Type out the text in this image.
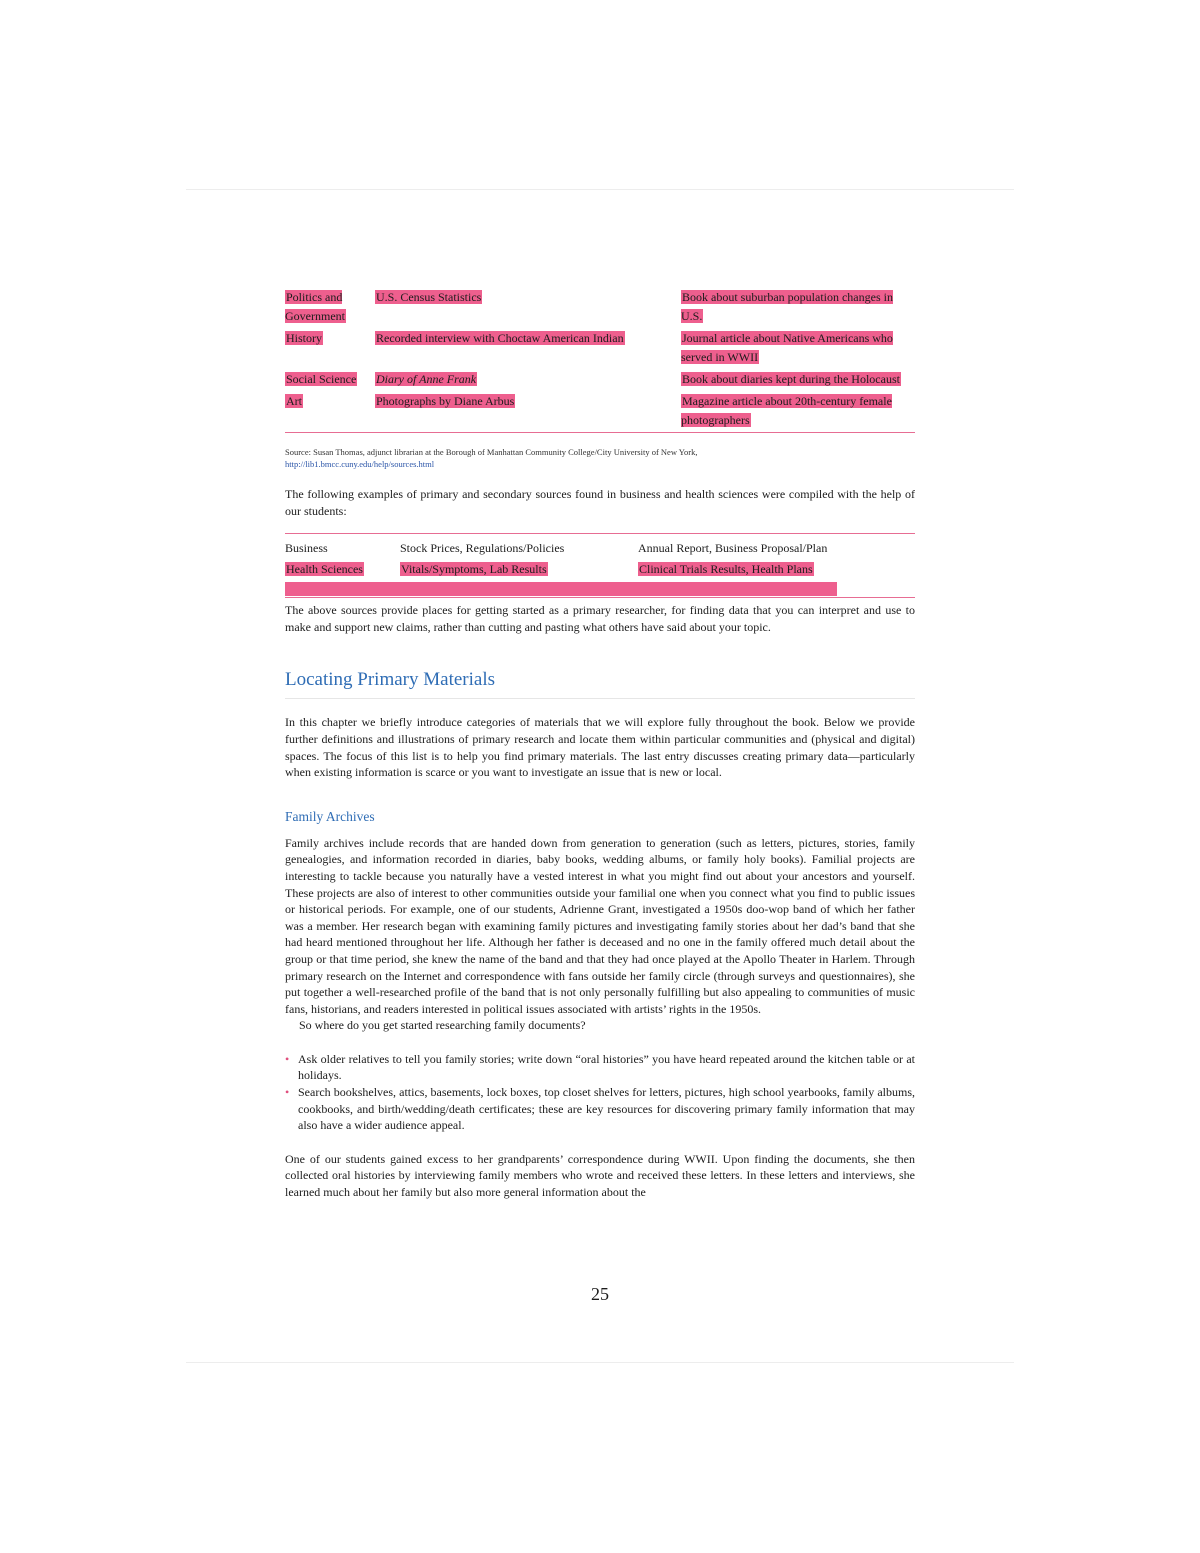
Politics and Government	U.S. Census Statistics	Book about suburban population changes in U.S.
History	Recorded interview with Choctaw American Indian	Journal article about Native Americans who served in WWII
Social Science	Diary of Anne Frank	Book about diaries kept during the Holocaust
Art	Photographs by Diane Arbus	Magazine article about 20th-century female photographers
Source: Susan Thomas, adjunct librarian at the Borough of Manhattan Community College/City University of New York,
http://lib1.bmcc.cuny.edu/help/sources.html

The following examples of primary and secondary sources found in business and health sciences were compiled with the help of our students:

Business	Stock Prices, Regulations/Policies	Annual Report, Business Proposal/Plan
Health Sciences	Vitals/Symptoms, Lab Results	Clinical Trials Results, Health Plans

The above sources provide places for getting started as a primary researcher, for finding data that you can interpret and use to make and support new claims, rather than cutting and pasting what others have said about your topic.

Locating Primary Materials

In this chapter we briefly introduce categories of materials that we will explore fully throughout the book. Below we provide further definitions and illustrations of primary research and locate them within particular communities and (physical and digital) spaces. The focus of this list is to help you find primary materials. The last entry discusses creating primary data—particularly when existing information is scarce or you want to investigate an issue that is new or local.

Family Archives

Family archives include records that are handed down from generation to generation (such as letters, pictures, stories, family genealogies, and information recorded in diaries, baby books, wedding albums, or family holy books). Familial projects are interesting to tackle because you naturally have a vested interest in what you might find out about your ancestors and yourself. These projects are also of interest to other communities outside your familial one when you connect what you find to public issues or historical periods. For example, one of our students, Adrienne Grant, investigated a 1950s doo-wop band of which her father was a member. Her research began with examining family pictures and investigating family stories about her dad’s band that she had heard mentioned throughout her life. Although her father is deceased and no one in the family offered much detail about the group or that time period, she knew the name of the band and that they had once played at the Apollo Theater in Harlem. Through primary research on the Internet and correspondence with fans outside her family circle (through surveys and questionnaires), she put together a well-researched profile of the band that is not only personally fulfilling but also appealing to communities of music fans, historians, and readers interested in political issues associated with artists’ rights in the 1950s.

So where do you get started researching family documents?

• Ask older relatives to tell you family stories; write down “oral histories” you have heard repeated around the kitchen table or at holidays.
• Search bookshelves, attics, basements, lock boxes, top closet shelves for letters, pictures, high school yearbooks, family albums, cookbooks, and birth/wedding/death certificates; these are key resources for discovering primary family information that may also have a wider audience appeal.

One of our students gained excess to her grandparents’ correspondence during WWII. Upon finding the documents, she then collected oral histories by interviewing family members who wrote and received these letters. In these letters and interviews, she learned much about her family but also more general information about the

25
